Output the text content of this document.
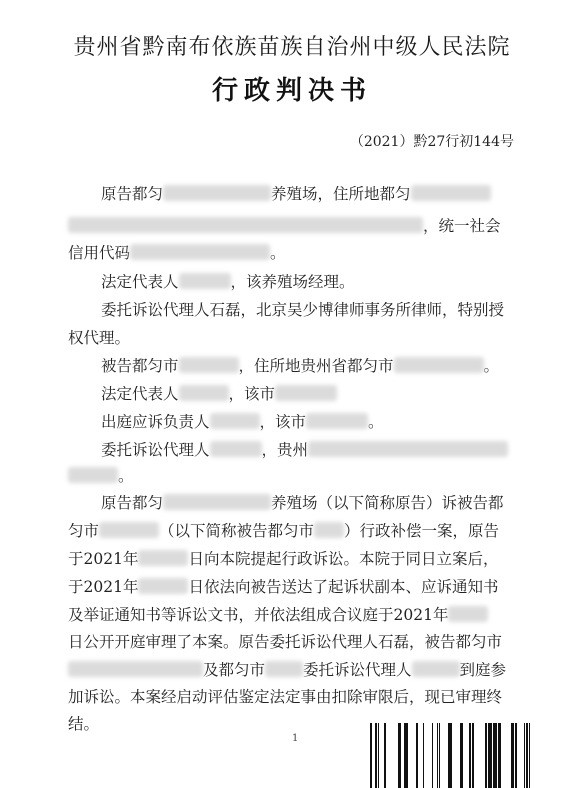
贵州省黔南布依族苗族自治州中级人民法院
行政判决书
（2021）黔27行初144号
原告都匀	养殖场，住所地都匀
，统一社会
信用代码	。
法定代表人	，该养殖场经理。
委托诉讼代理人石磊，北京吴少博律师事务所律师，特别授
权代理。
被告都匀市	，住所地贵州省都匀市	。
法定代表人	，该市
出庭应诉负责人	，该市	。
委托诉讼代理人	，贵州
。
原告都匀	养殖场（以下简称原告）诉被告都
匀市	（以下简称被告都匀市 ）行政补偿一案，原告
于2021年	日向本院提起行政诉讼。本院于同日立案后，
于2021年	日依法向被告送达了起诉状副本、应诉通知书
及举证通知书等诉讼文书，并依法组成合议庭于2021年
日公开开庭审理了本案。原告委托诉讼代理人石磊，被告都匀市
及都匀市 委托诉讼代理人	到庭参
加诉讼。本案经启动评估鉴定法定事由扣除审限后，现已审理终
结。
1
